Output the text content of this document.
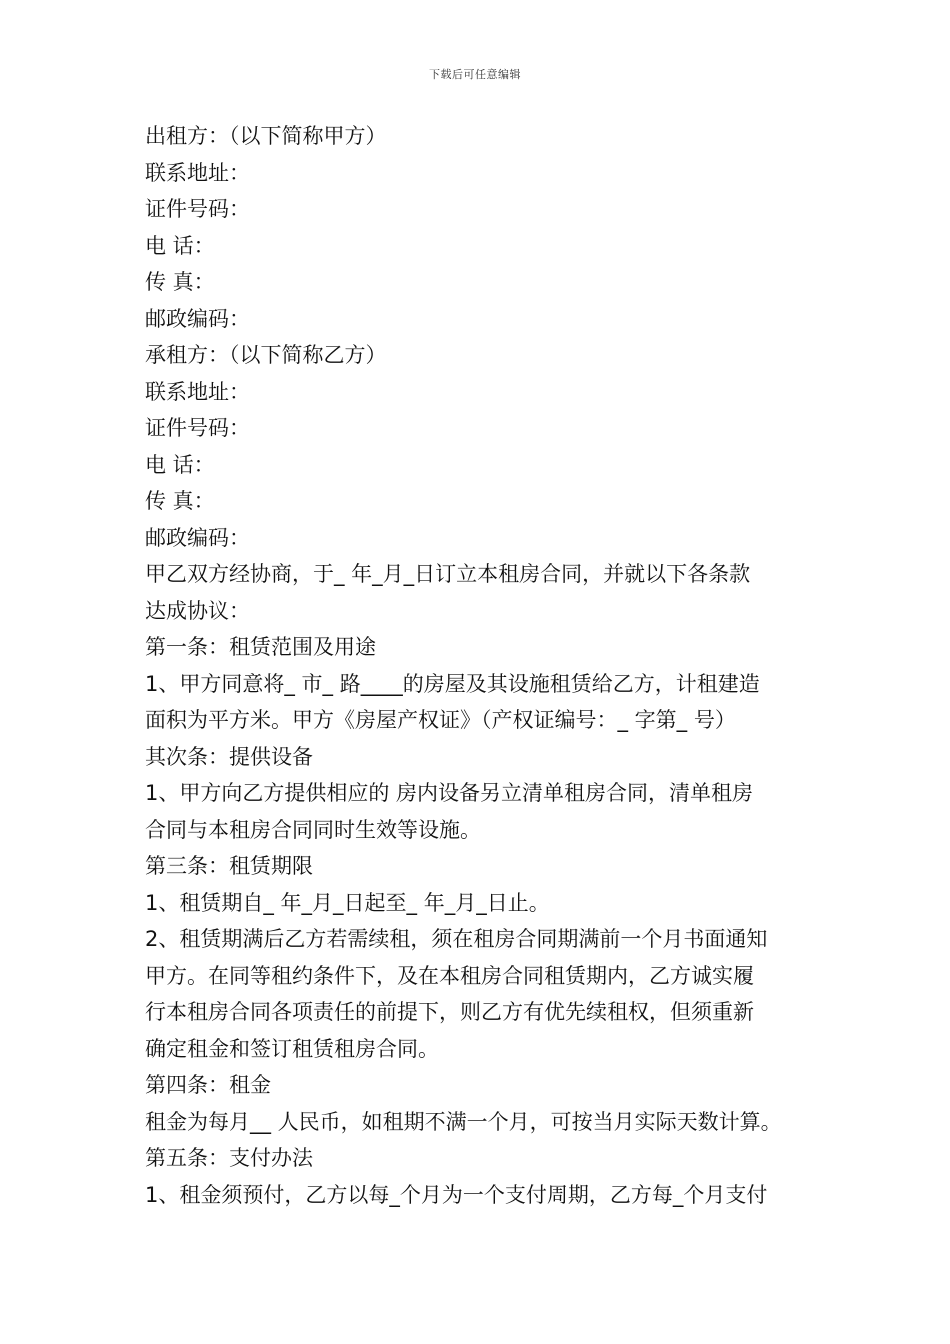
下载后可任意编辑

出租方：（以下简称甲方）

联系地址：

证件号码：

电 话：

传 真：

邮政编码：

承租方：（以下简称乙方）

联系地址：

证件号码：

电 话：

传 真：

邮政编码：

甲乙双方经协商，于_ 年_月_日订立本租房合同，并就以下各条款

达成协议：

第一条：租赁范围及用途

1、甲方同意将_ 市_ 路____的房屋及其设施租赁给乙方，计租建造

面积为平方米。甲方《房屋产权证》（产权证编号：_ 字第_ 号）

其次条：提供设备

1、甲方向乙方提供相应的 房内设备另立清单租房合同，清单租房

合同与本租房合同同时生效等设施。

第三条：租赁期限

1、租赁期自_ 年_月_日起至_ 年_月_日止。

2、租赁期满后乙方若需续租，须在租房合同期满前一个月书面通知

甲方。在同等租约条件下，及在本租房合同租赁期内，乙方诚实履

行本租房合同各项责任的前提下，则乙方有优先续租权，但须重新

确定租金和签订租赁租房合同。

第四条：租金

租金为每月__ 人民币，如租期不满一个月，可按当月实际天数计算。

第五条：支付办法

1、租金须预付，乙方以每_个月为一个支付周期，乙方每_个月支付
